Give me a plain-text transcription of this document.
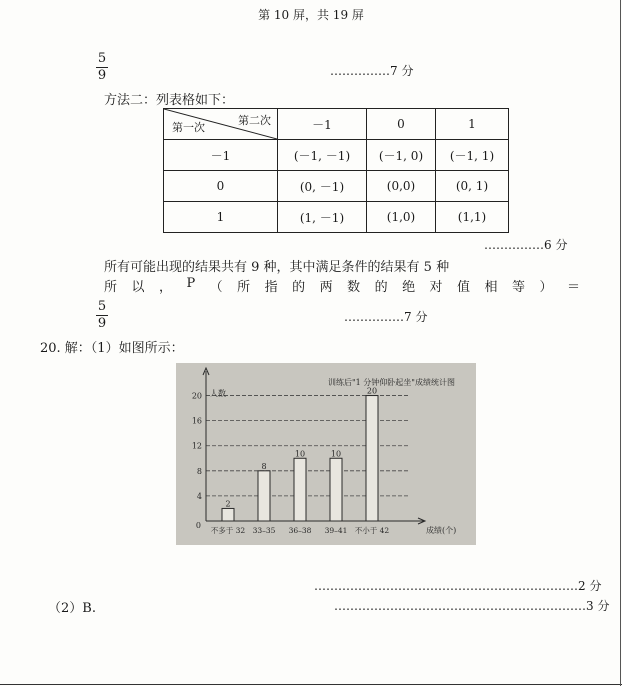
第 10 屏，共 19 屏
5
9	……………7 分
方法二：列表格如下：
第二次
第一次	－1	0	1
－1	(－1, －1)	(－1, 0)	(－1, 1)
0	(0, －1)	(0,0)	(0, 1)
1	(1, －1)	(1,0)	(1,1)
……………6 分
所有可能出现的结果共有 9 种，其中满足条件的结果有 5 种
所 以 ， P （ 所 指 的 两 数 的 绝 对 值 相 等 ） ＝
5
9	……………7 分
20. 解：（1）如图所示：
训练后"1 分钟仰卧起坐"成绩统计图
4
8
12
16
20 人数
成绩(个)
0
2
不多于 32
8
33–35
10
36–38
10
39–41
20
不小于 42
…………………………………………………………2 分
（2）B.	………………………………………………………3 分
